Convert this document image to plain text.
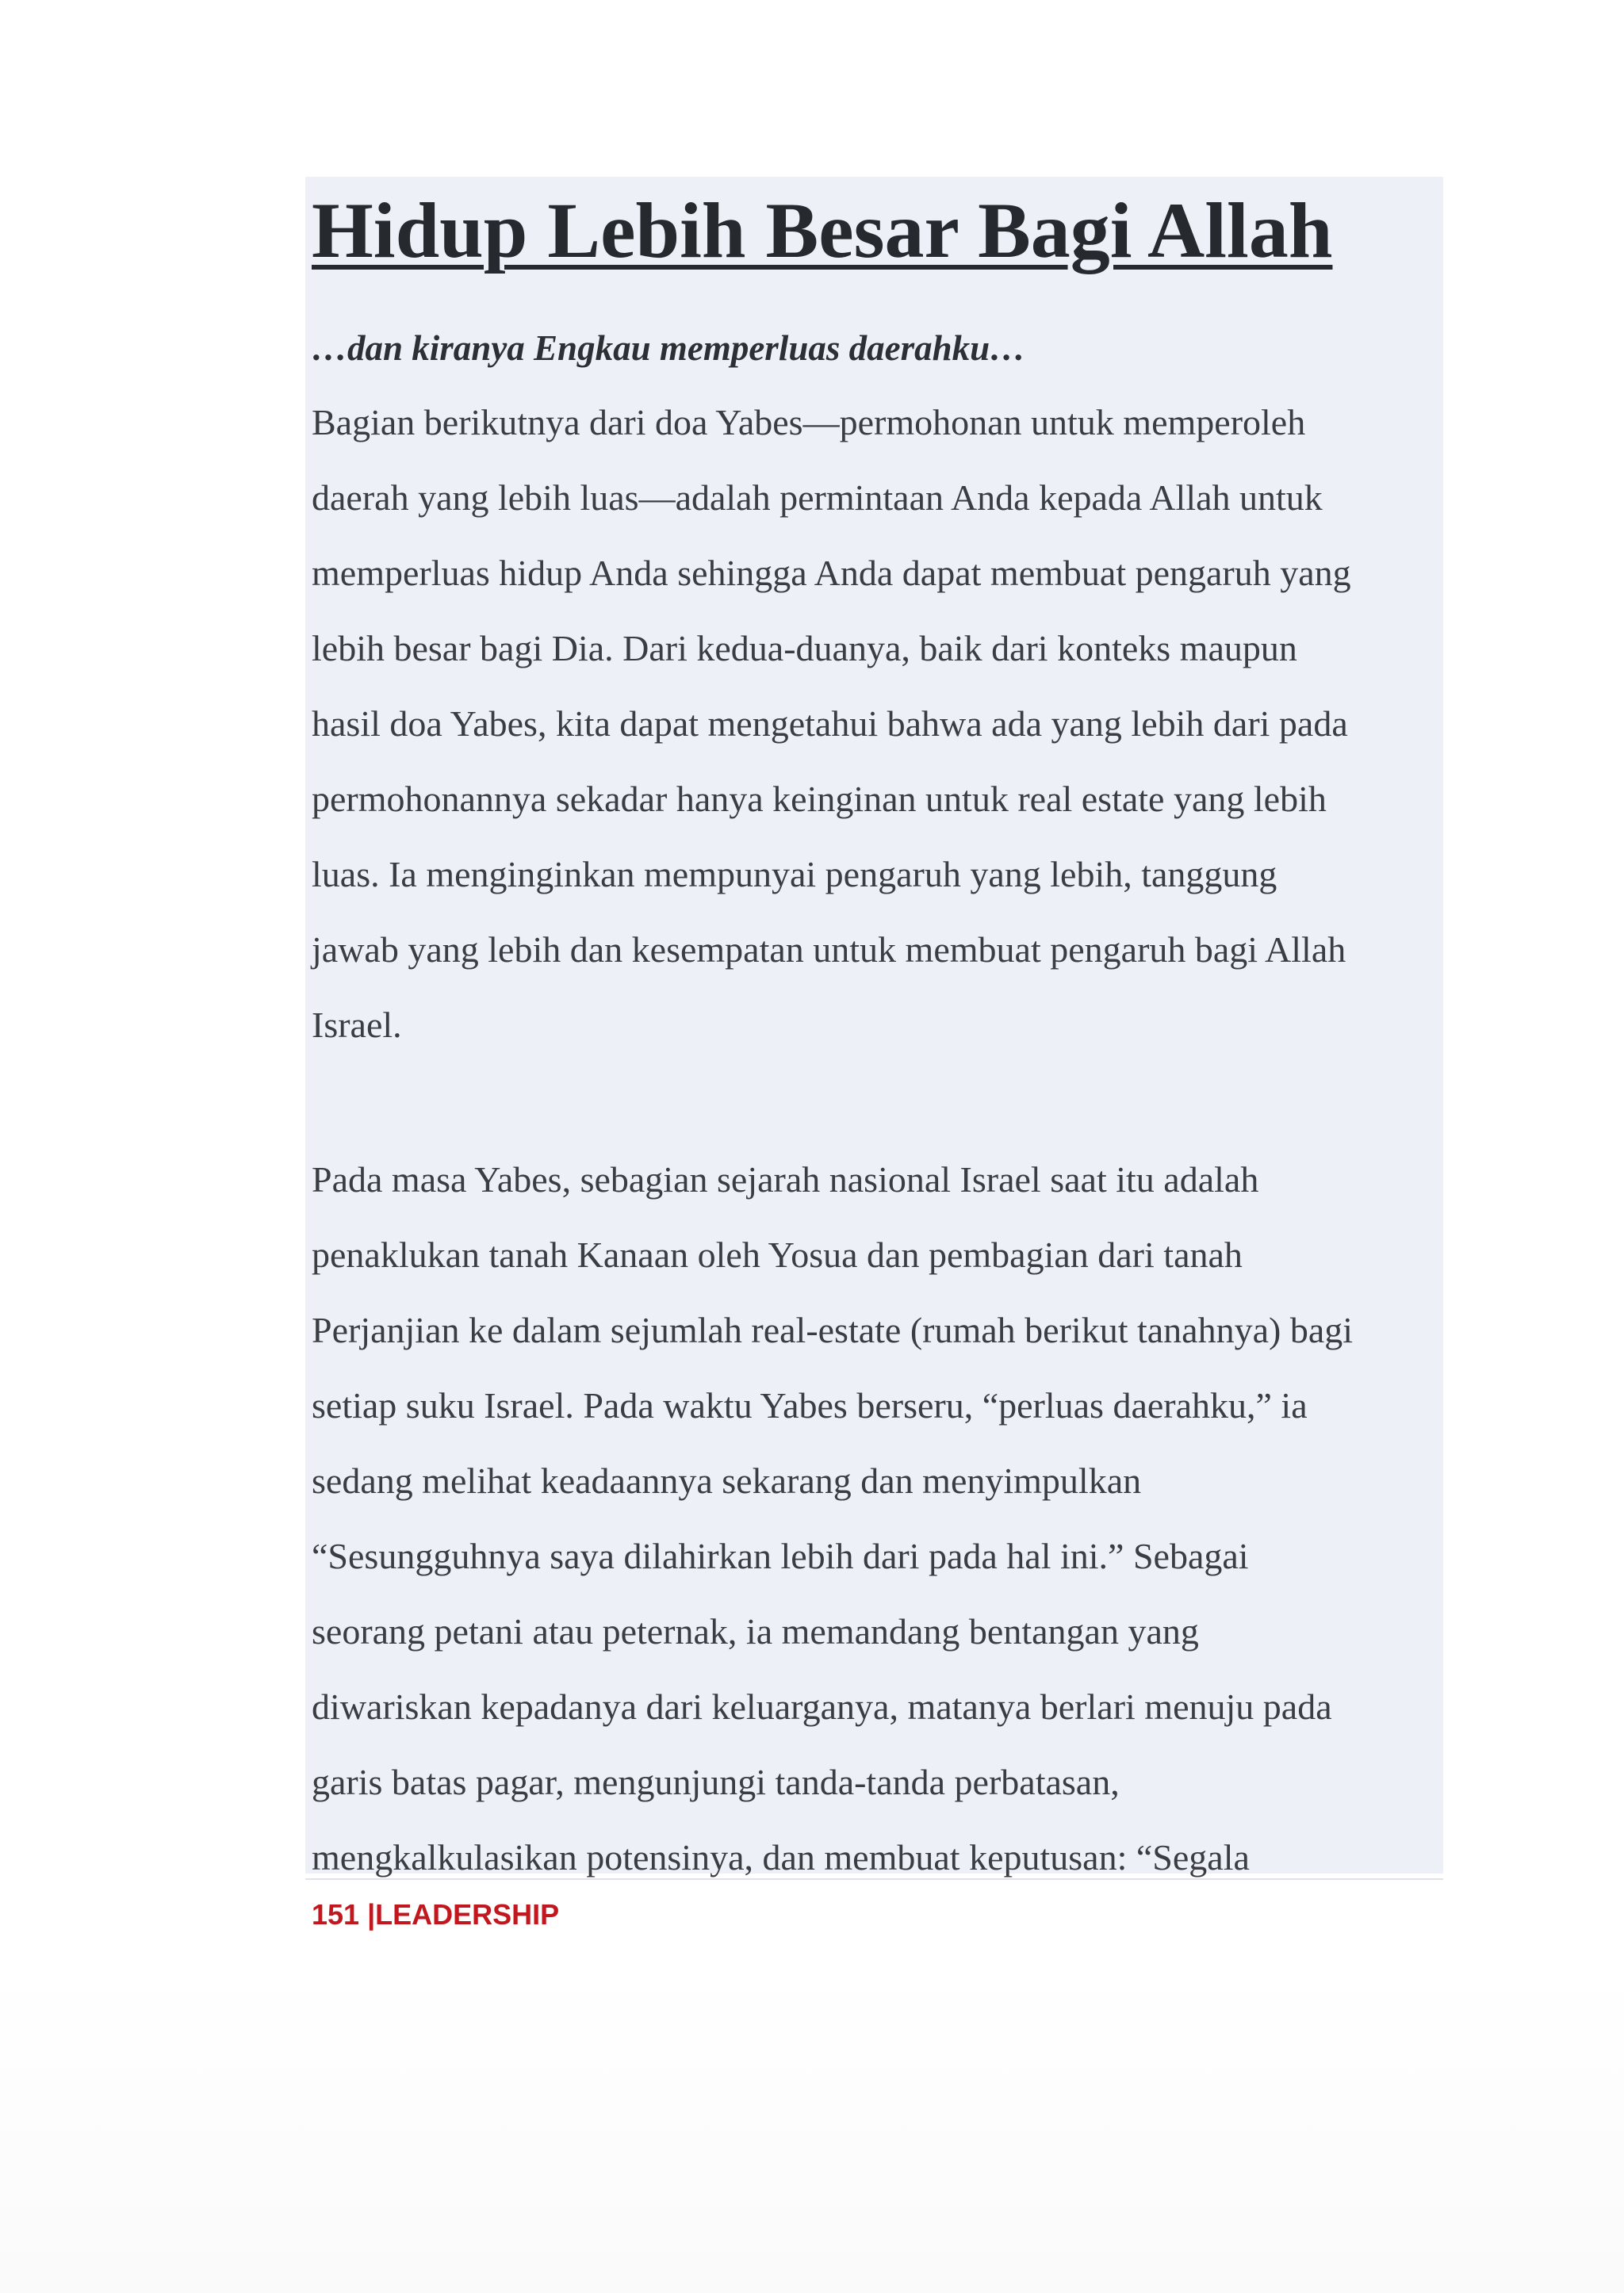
Hidup Lebih Besar Bagi Allah

…dan kiranya Engkau memperluas daerahku…

Bagian berikutnya dari doa Yabes—permohonan untuk memperoleh
daerah yang lebih luas—adalah permintaan Anda kepada Allah untuk
memperluas hidup Anda sehingga Anda dapat membuat pengaruh yang
lebih besar bagi Dia. Dari kedua-duanya, baik dari konteks maupun
hasil doa Yabes, kita dapat mengetahui bahwa ada yang lebih dari pada
permohonannya sekadar hanya keinginan untuk real estate yang lebih
luas. Ia menginginkan mempunyai pengaruh yang lebih, tanggung
jawab yang lebih dan kesempatan untuk membuat pengaruh bagi Allah
Israel.
Pada masa Yabes, sebagian sejarah nasional Israel saat itu adalah
penaklukan tanah Kanaan oleh Yosua dan pembagian dari tanah
Perjanjian ke dalam sejumlah real-estate (rumah berikut tanahnya) bagi
setiap suku Israel. Pada waktu Yabes berseru, “perluas daerahku,” ia
sedang melihat keadaannya sekarang dan menyimpulkan
“Sesungguhnya saya dilahirkan lebih dari pada hal ini.” Sebagai
seorang petani atau peternak, ia memandang bentangan yang
diwariskan kepadanya dari keluarganya, matanya berlari menuju pada
garis batas pagar, mengunjungi tanda-tanda perbatasan,
mengkalkulasikan potensinya, dan membuat keputusan: “Segala

151 |LEADERSHIP
